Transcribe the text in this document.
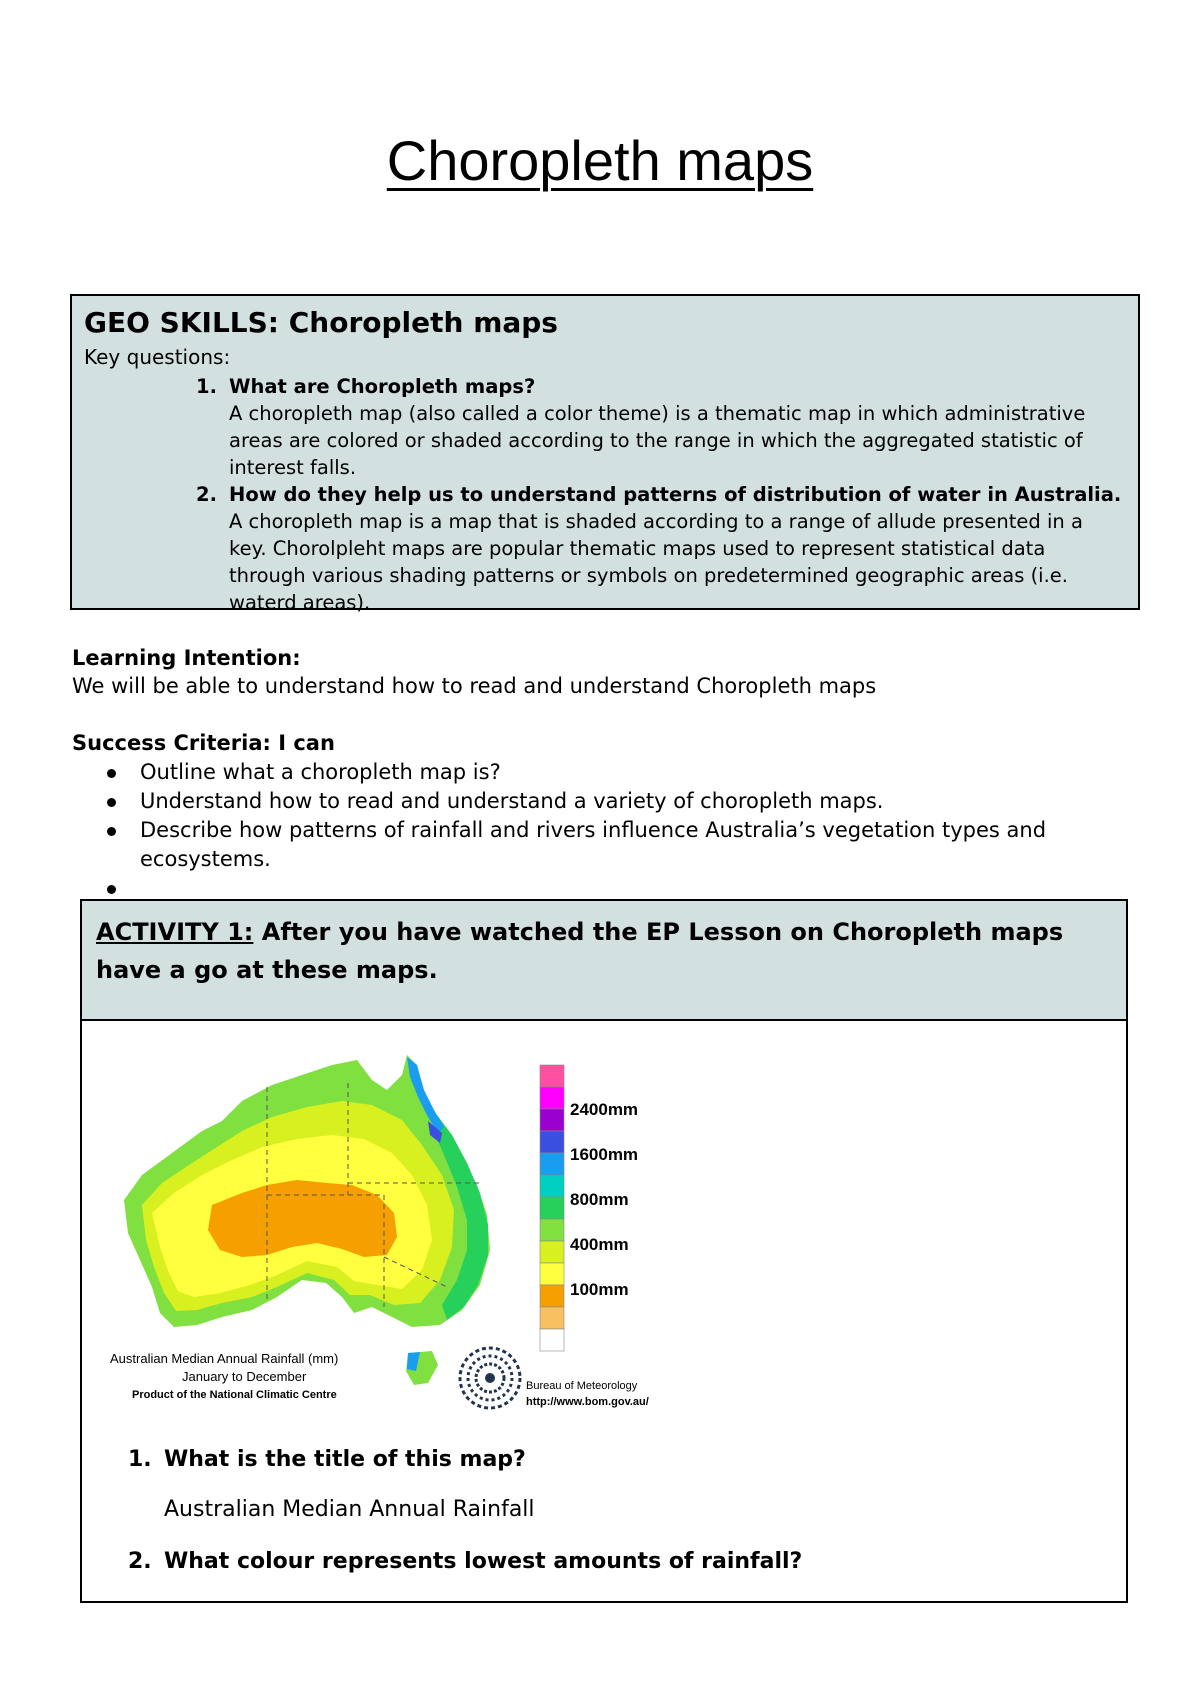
Choropleth maps
GEO SKILLS: Choropleth maps
Key questions:
1. What are Choropleth maps?
A choropleth map (also called a color theme) is a thematic map in which administrative areas are colored or shaded according to the range in which the aggregated statistic of interest falls.
2. How do they help us to understand patterns of distribution of water in Australia.
A choropleth map is a map that is shaded according to a range of allude presented in a key. Chorolpleht maps are popular thematic maps used to represent statistical data through various shading patterns or symbols on predetermined geographic areas (i.e. waterd areas).
Learning Intention:
We will be able to understand how to read and understand Choropleth maps
Success Criteria: I can
Outline what a choropleth map is?
Understand how to read and understand a variety of choropleth maps.
Describe how patterns of rainfall and rivers influence Australia’s vegetation types and ecosystems.

ACTIVITY 1: After you have watched the EP Lesson on Choropleth maps have a go at these maps.
2400mm
1600mm
800mm
400mm
100mm
Australian Median Annual Rainfall (mm)
January to December
Product of the National Climatic Centre
Bureau of Meteorology
http://www.bom.gov.au/
1. What is the title of this map?
Australian Median Annual Rainfall
2. What colour represents lowest amounts of rainfall?
